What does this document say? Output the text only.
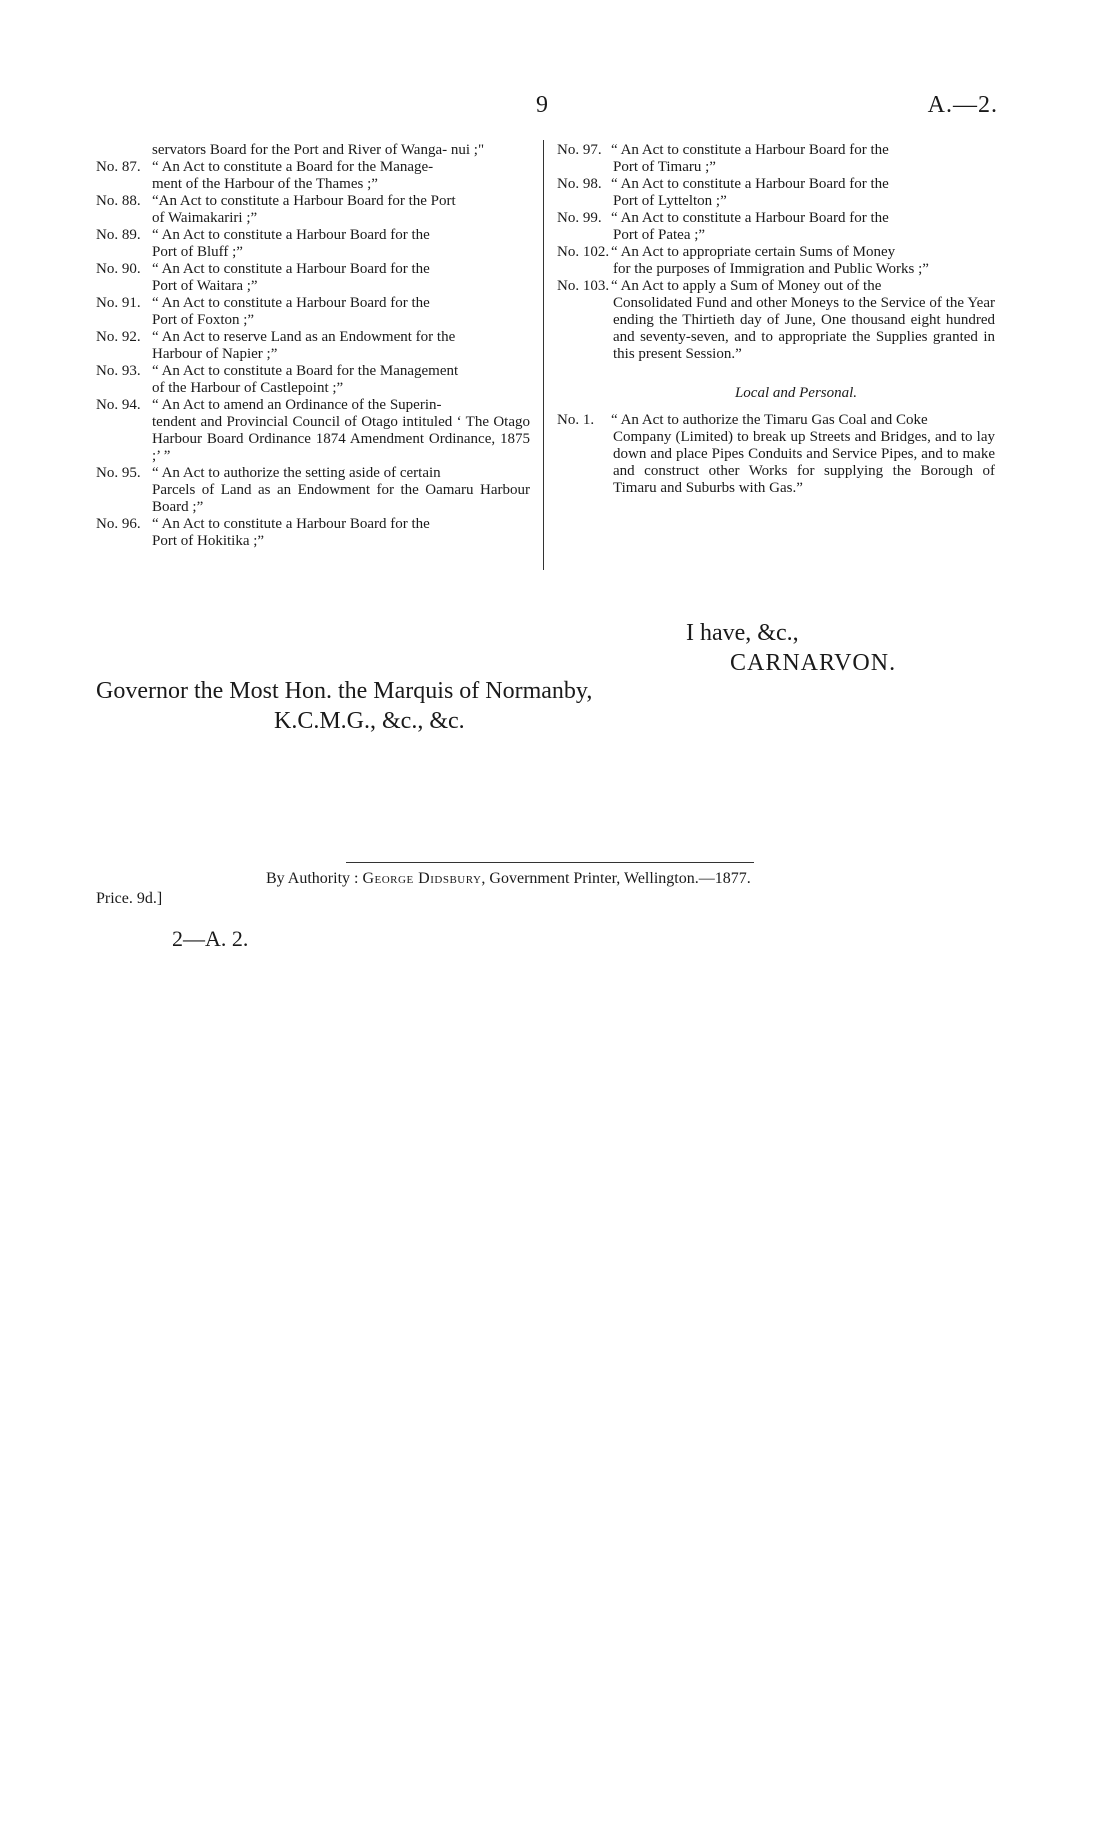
9	A.—2.
servators Board for the Port and River of Wanga- nui ;"
No. 87. “ An Act to constitute a Board for the Manage-
ment of the Harbour of the Thames ;”
No. 88. “An Act to constitute a Harbour Board for the Port
of Waimakariri ;”
No. 89. “ An Act to constitute a Harbour Board for the
Port of Bluff ;”
No. 90. “ An Act to constitute a Harbour Board for the
Port of Waitara ;”
No. 91. “ An Act to constitute a Harbour Board for the
Port of Foxton ;”
No. 92. “ An Act to reserve Land as an Endowment for the
Harbour of Napier ;”
No. 93. “ An Act to constitute a Board for the Management
of the Harbour of Castlepoint ;”
No. 94. “ An Act to amend an Ordinance of the Superin-
tendent and Provincial Council of Otago intituled ‘ The Otago Harbour Board Ordinance 1874 Amendment Ordinance, 1875 ;’ ”
No. 95. “ An Act to authorize the setting aside of certain
Parcels of Land as an Endowment for the Oamaru Harbour Board ;”
No. 96. “ An Act to constitute a Harbour Board for the
Port of Hokitika ;”
No. 97. “ An Act to constitute a Harbour Board for the
Port of Timaru ;”
No. 98. “ An Act to constitute a Harbour Board for the
Port of Lyttelton ;”
No. 99. “ An Act to constitute a Harbour Board for the
Port of Patea ;”
No. 102. “ An Act to appropriate certain Sums of Money
for the purposes of Immigration and Public Works ;”
No. 103. “ An Act to apply a Sum of Money out of the
Consolidated Fund and other Moneys to the Service of the Year ending the Thirtieth day of June, One thousand eight hundred and seventy-seven, and to appropriate the Supplies granted in this present Session.”
Local and Personal.
No. 1.	“ An Act to authorize the Timaru Gas Coal and Coke
Company (Limited) to break up Streets and Bridges, and to lay down and place Pipes Conduits and Service Pipes, and to make and construct other Works for supplying the Borough of Timaru and Suburbs with Gas.”
I have, &c.,
CARNARVON.
Governor the Most Hon. the Marquis of Normanby,
K.C.M.G., &c., &c.
By Authority : George Didsbury, Government Printer, Wellington.—1877.
Price. 9d.]
2—A. 2.
